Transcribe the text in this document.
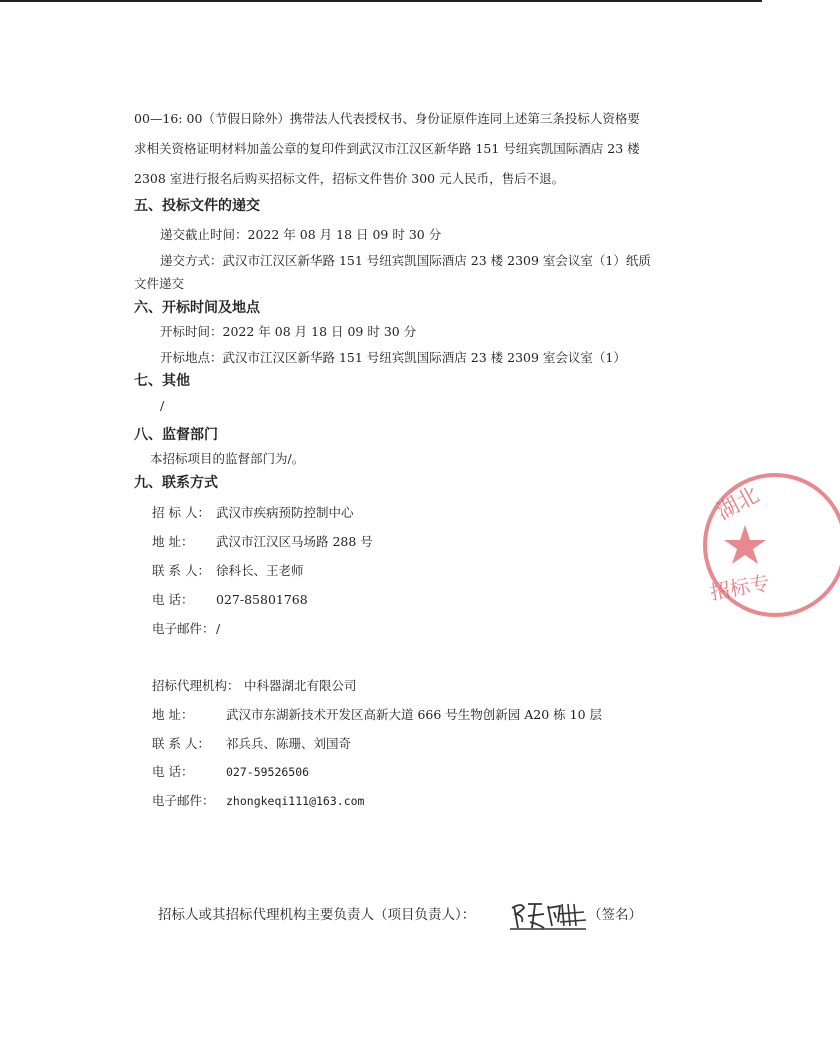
00—16: 00（节假日除外）携带法人代表授权书、身份证原件连同上述第三条投标人资格要
求相关资格证明材料加盖公章的复印件到武汉市江汉区新华路 151 号纽宾凯国际酒店 23 楼
2308 室进行报名后购买招标文件，招标文件售价 300 元人民币，售后不退。
五、投标文件的递交
递交截止时间：2022 年 08 月 18 日 09 时 30 分
递交方式：武汉市江汉区新华路 151 号纽宾凯国际酒店 23 楼 2309 室会议室（1）纸质
文件递交
六、开标时间及地点
开标时间：2022 年 08 月 18 日 09 时 30 分
开标地点：武汉市江汉区新华路 151 号纽宾凯国际酒店 23 楼 2309 室会议室（1）
七、其他
/
八、监督部门
本招标项目的监督部门为/。
九、联系方式
招 标 人： 武汉市疾病预防控制中心
地 址： 武汉市江汉区马场路 288 号
联 系 人： 徐科长、王老师
电 话： 027-85801768
电子邮件：/
招标代理机构： 中科器湖北有限公司
地 址：	武汉市东湖新技术开发区高新大道 666 号生物创新园 A20 栋 10 层
联 系 人： 祁兵兵、陈珊、刘国奇
电 话：	027-59526506
电子邮件： zhongkeqi111@163.com
招标人或其招标代理机构主要负责人（项目负责人）：	（签名）
湖北
招标专
